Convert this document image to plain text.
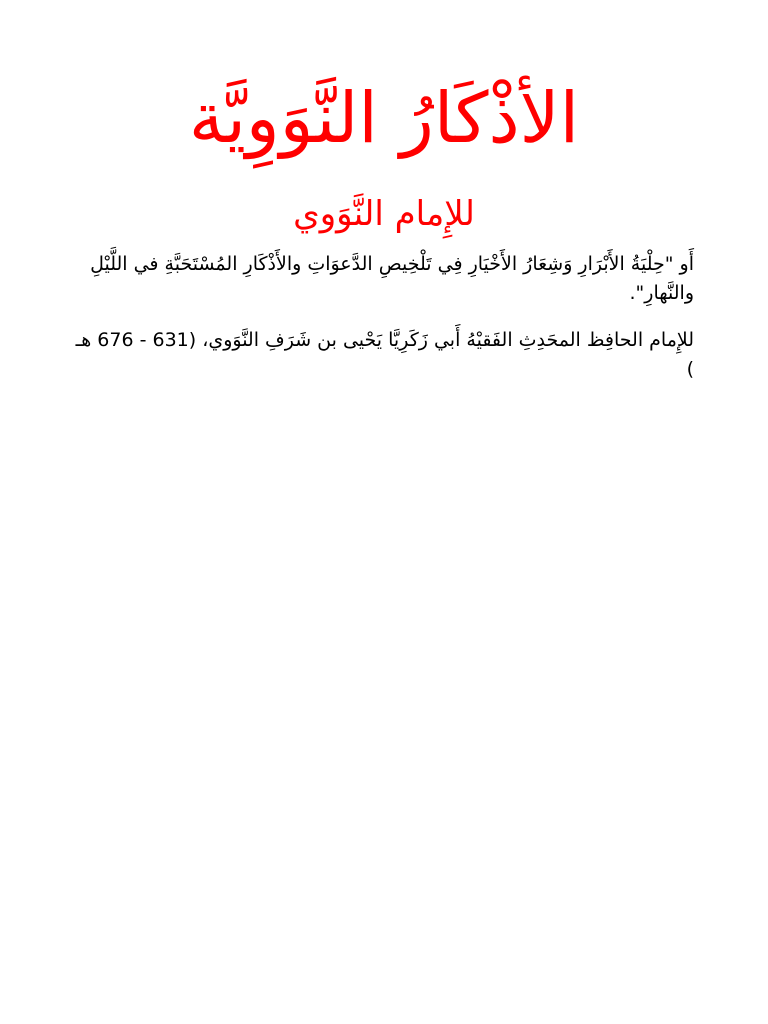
الأذْكَارُ النَّوَوِيَّة
للإِمام النَّوَوي

أَو "حِلْيَةُ الأَبْرَارِ وَشِعَارُ الأَخْيَارِ فِي تَلْخِيصِ الدَّعوَاتِ والأَذْكَارِ المُسْتَحَبَّةِ في اللَّيْلِ والنَّهارِ".

للإِمام الحافِظ المحَدِثِ الفَقيْهُ أَبي زَكَرِيَّا يَحْيى بن شَرَفِ النَّوَوي، (631 - 676 هـ )
